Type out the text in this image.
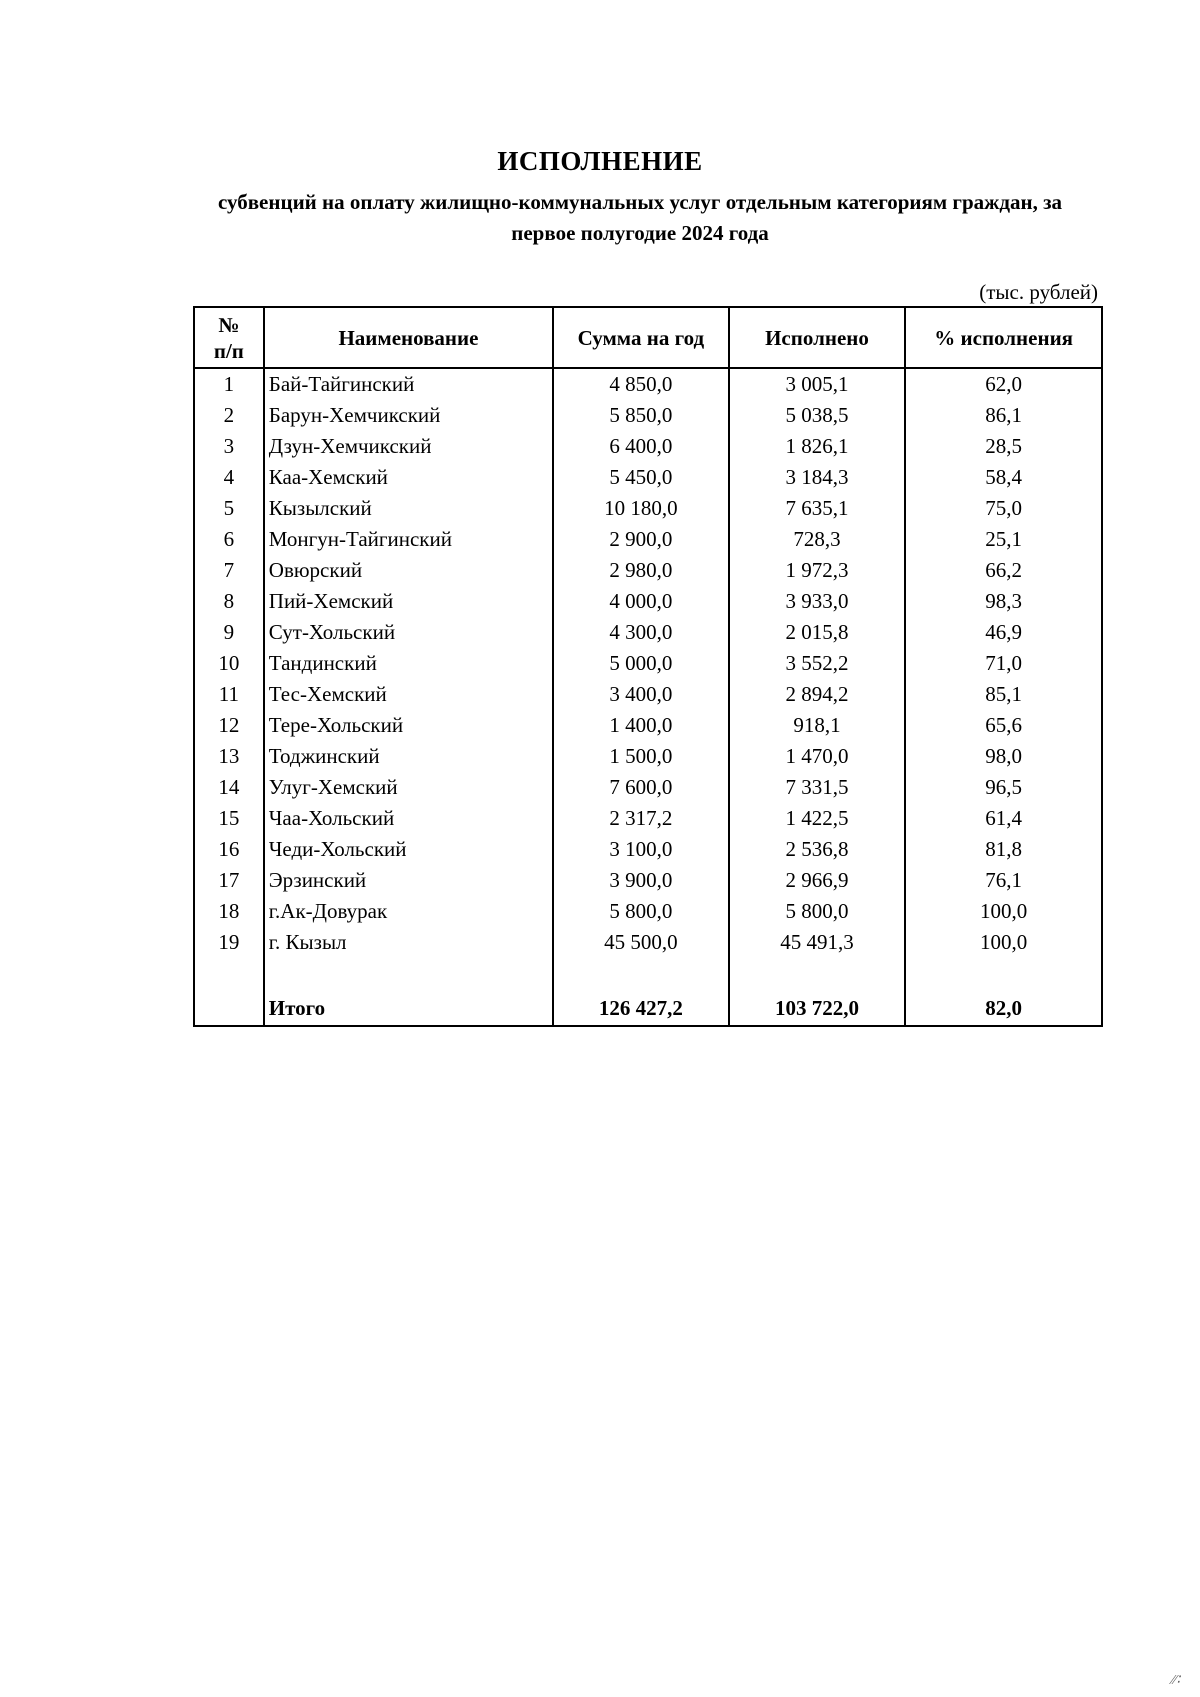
ИСПОЛНЕНИЕ
субвенций на оплату жилищно-коммунальных услуг отдельным категориям граждан, за первое полугодие 2024 года
(тыс. рублей)
№
п/п	Наименование	Сумма на год	Исполнено	% исполнения
1	Бай-Тайгинский	4 850,0	3 005,1	62,0
2	Барун-Хемчикский	5 850,0	5 038,5	86,1
3	Дзун-Хемчикский	6 400,0	1 826,1	28,5
4	Каа-Хемский	5 450,0	3 184,3	58,4
5	Кызылский	10 180,0	7 635,1	75,0
6	Монгун-Тайгинский	2 900,0	728,3	25,1
7	Овюрский	2 980,0	1 972,3	66,2
8	Пий-Хемский	4 000,0	3 933,0	98,3
9	Сут-Хольский	4 300,0	2 015,8	46,9
10	Тандинский	5 000,0	3 552,2	71,0
11	Тес-Хемский	3 400,0	2 894,2	85,1
12	Тере-Хольский	1 400,0	918,1	65,6
13	Тоджинский	1 500,0	1 470,0	98,0
14	Улуг-Хемский	7 600,0	7 331,5	96,5
15	Чаа-Хольский	2 317,2	1 422,5	61,4
16	Чеди-Хольский	3 100,0	2 536,8	81,8
17	Эрзинский	3 900,0	2 966,9	76,1
18	г.Ак-Довурак	5 800,0	5 800,0	100,0
19	г. Кызыл	45 500,0	45 491,3	100,0

	Итого	126 427,2	103 722,0	82,0
⁄⁄∶
